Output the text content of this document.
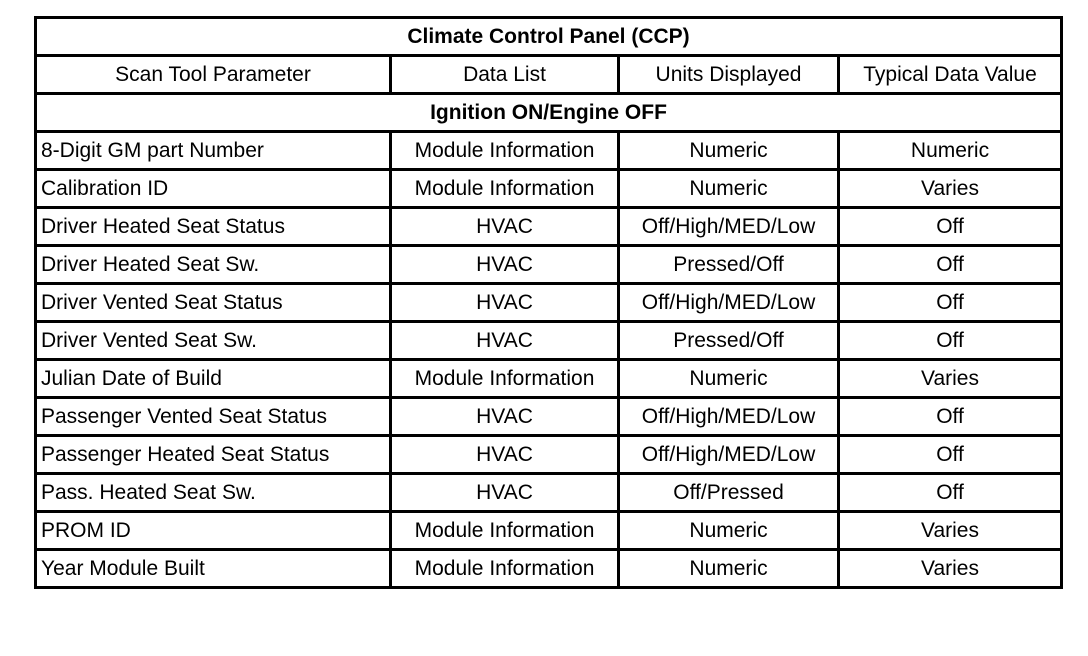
Climate Control Panel (CCP)			
Scan Tool Parameter	Data List	Units Displayed	Typical Data Value
Ignition ON/Engine OFF			
8-Digit GM part Number	Module Information	Numeric	Numeric
Calibration ID	Module Information	Numeric	Varies
Driver Heated Seat Status	HVAC	Off/High/MED/Low	Off
Driver Heated Seat Sw.	HVAC	Pressed/Off	Off
Driver Vented Seat Status	HVAC	Off/High/MED/Low	Off
Driver Vented Seat Sw.	HVAC	Pressed/Off	Off
Julian Date of Build	Module Information	Numeric	Varies
Passenger Vented Seat Status	HVAC	Off/High/MED/Low	Off
Passenger Heated Seat Status	HVAC	Off/High/MED/Low	Off
Pass. Heated Seat Sw.	HVAC	Off/Pressed	Off
PROM ID	Module Information	Numeric	Varies
Year Module Built	Module Information	Numeric	Varies
